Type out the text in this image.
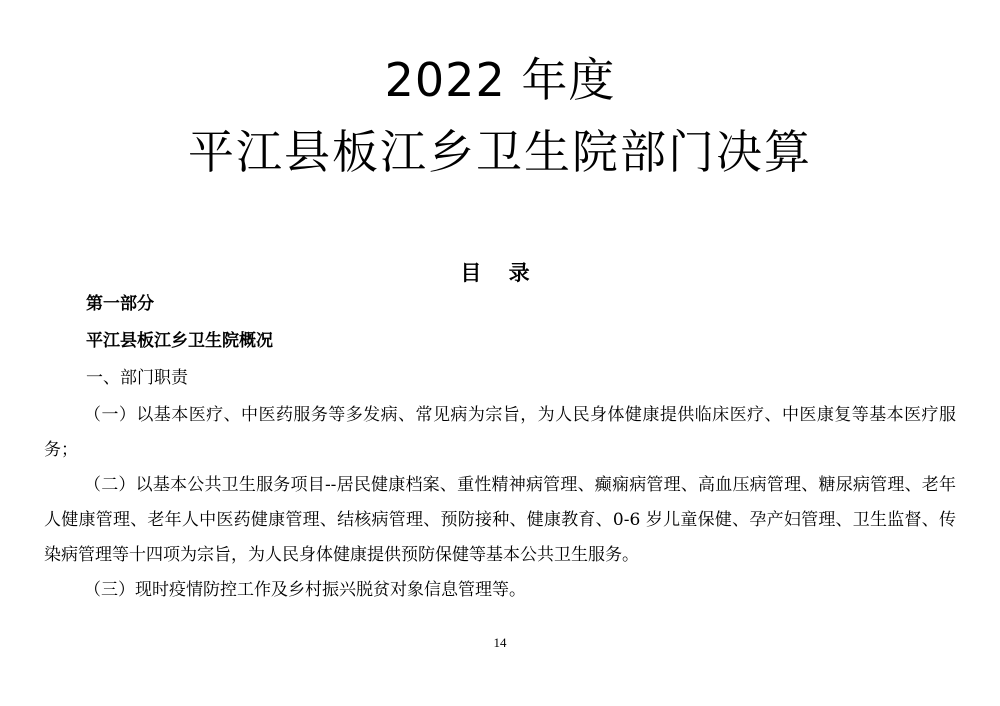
2022 年度
平江县板江乡卫生院部门决算
目 录
第一部分
平江县板江乡卫生院概况
一、部门职责
（一）以基本医疗、中医药服务等多发病、常见病为宗旨，为人民身体健康提供临床医疗、中医康复等基本医疗服务；
（二）以基本公共卫生服务项目--居民健康档案、重性精神病管理、癫痫病管理、高血压病管理、糖尿病管理、老年人健康管理、老年人中医药健康管理、结核病管理、预防接种、健康教育、0-6 岁儿童保健、孕产妇管理、卫生监督、传染病管理等十四项为宗旨，为人民身体健康提供预防保健等基本公共卫生服务。
（三）现时疫情防控工作及乡村振兴脱贫对象信息管理等。
14
